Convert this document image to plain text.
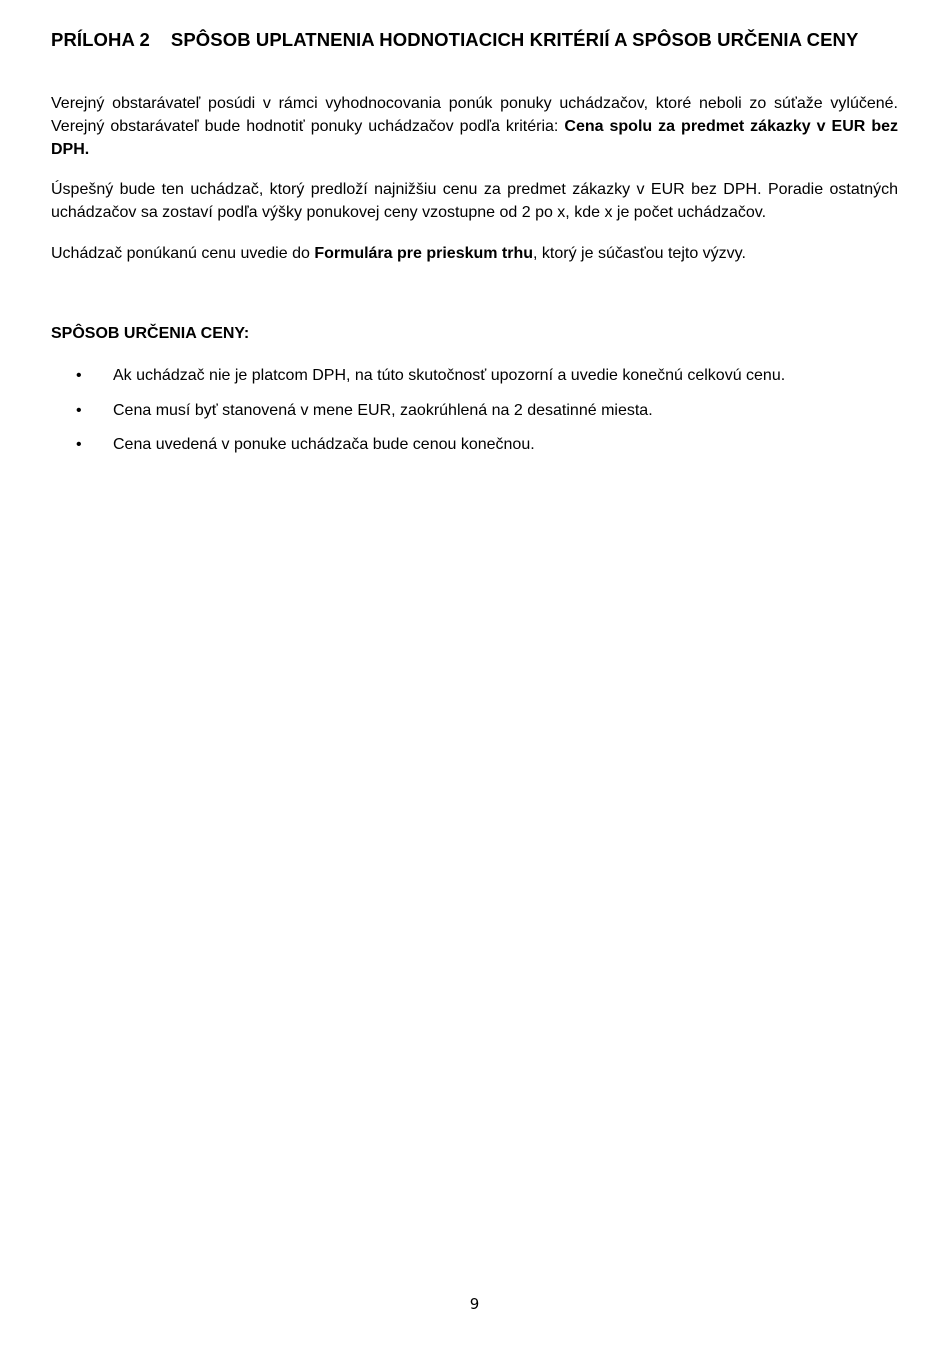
PRÍLOHA 2 SPÔSOB UPLATNENIA HODNOTIACICH KRITÉRIÍ A SPÔSOB URČENIA CENY

Verejný obstarávateľ posúdi v rámci vyhodnocovania ponúk ponuky uchádzačov, ktoré neboli zo súťaže vylúčené. Verejný obstarávateľ bude hodnotiť ponuky uchádzačov podľa kritéria: Cena spolu za predmet zákazky v EUR bez DPH.

Úspešný bude ten uchádzač, ktorý predloží najnižšiu cenu za predmet zákazky v EUR bez DPH. Poradie ostatných uchádzačov sa zostaví podľa výšky ponukovej ceny vzostupne od 2 po x, kde x je počet uchádzačov.

Uchádzač ponúkanú cenu uvedie do Formulára pre prieskum trhu, ktorý je súčasťou tejto výzvy.

SPÔSOB URČENIA CENY:
• Ak uchádzač nie je platcom DPH, na túto skutočnosť upozorní a uvedie konečnú celkovú cenu.
• Cena musí byť stanovená v mene EUR, zaokrúhlená na 2 desatinné miesta.
• Cena uvedená v ponuke uchádzača bude cenou konečnou.
9
